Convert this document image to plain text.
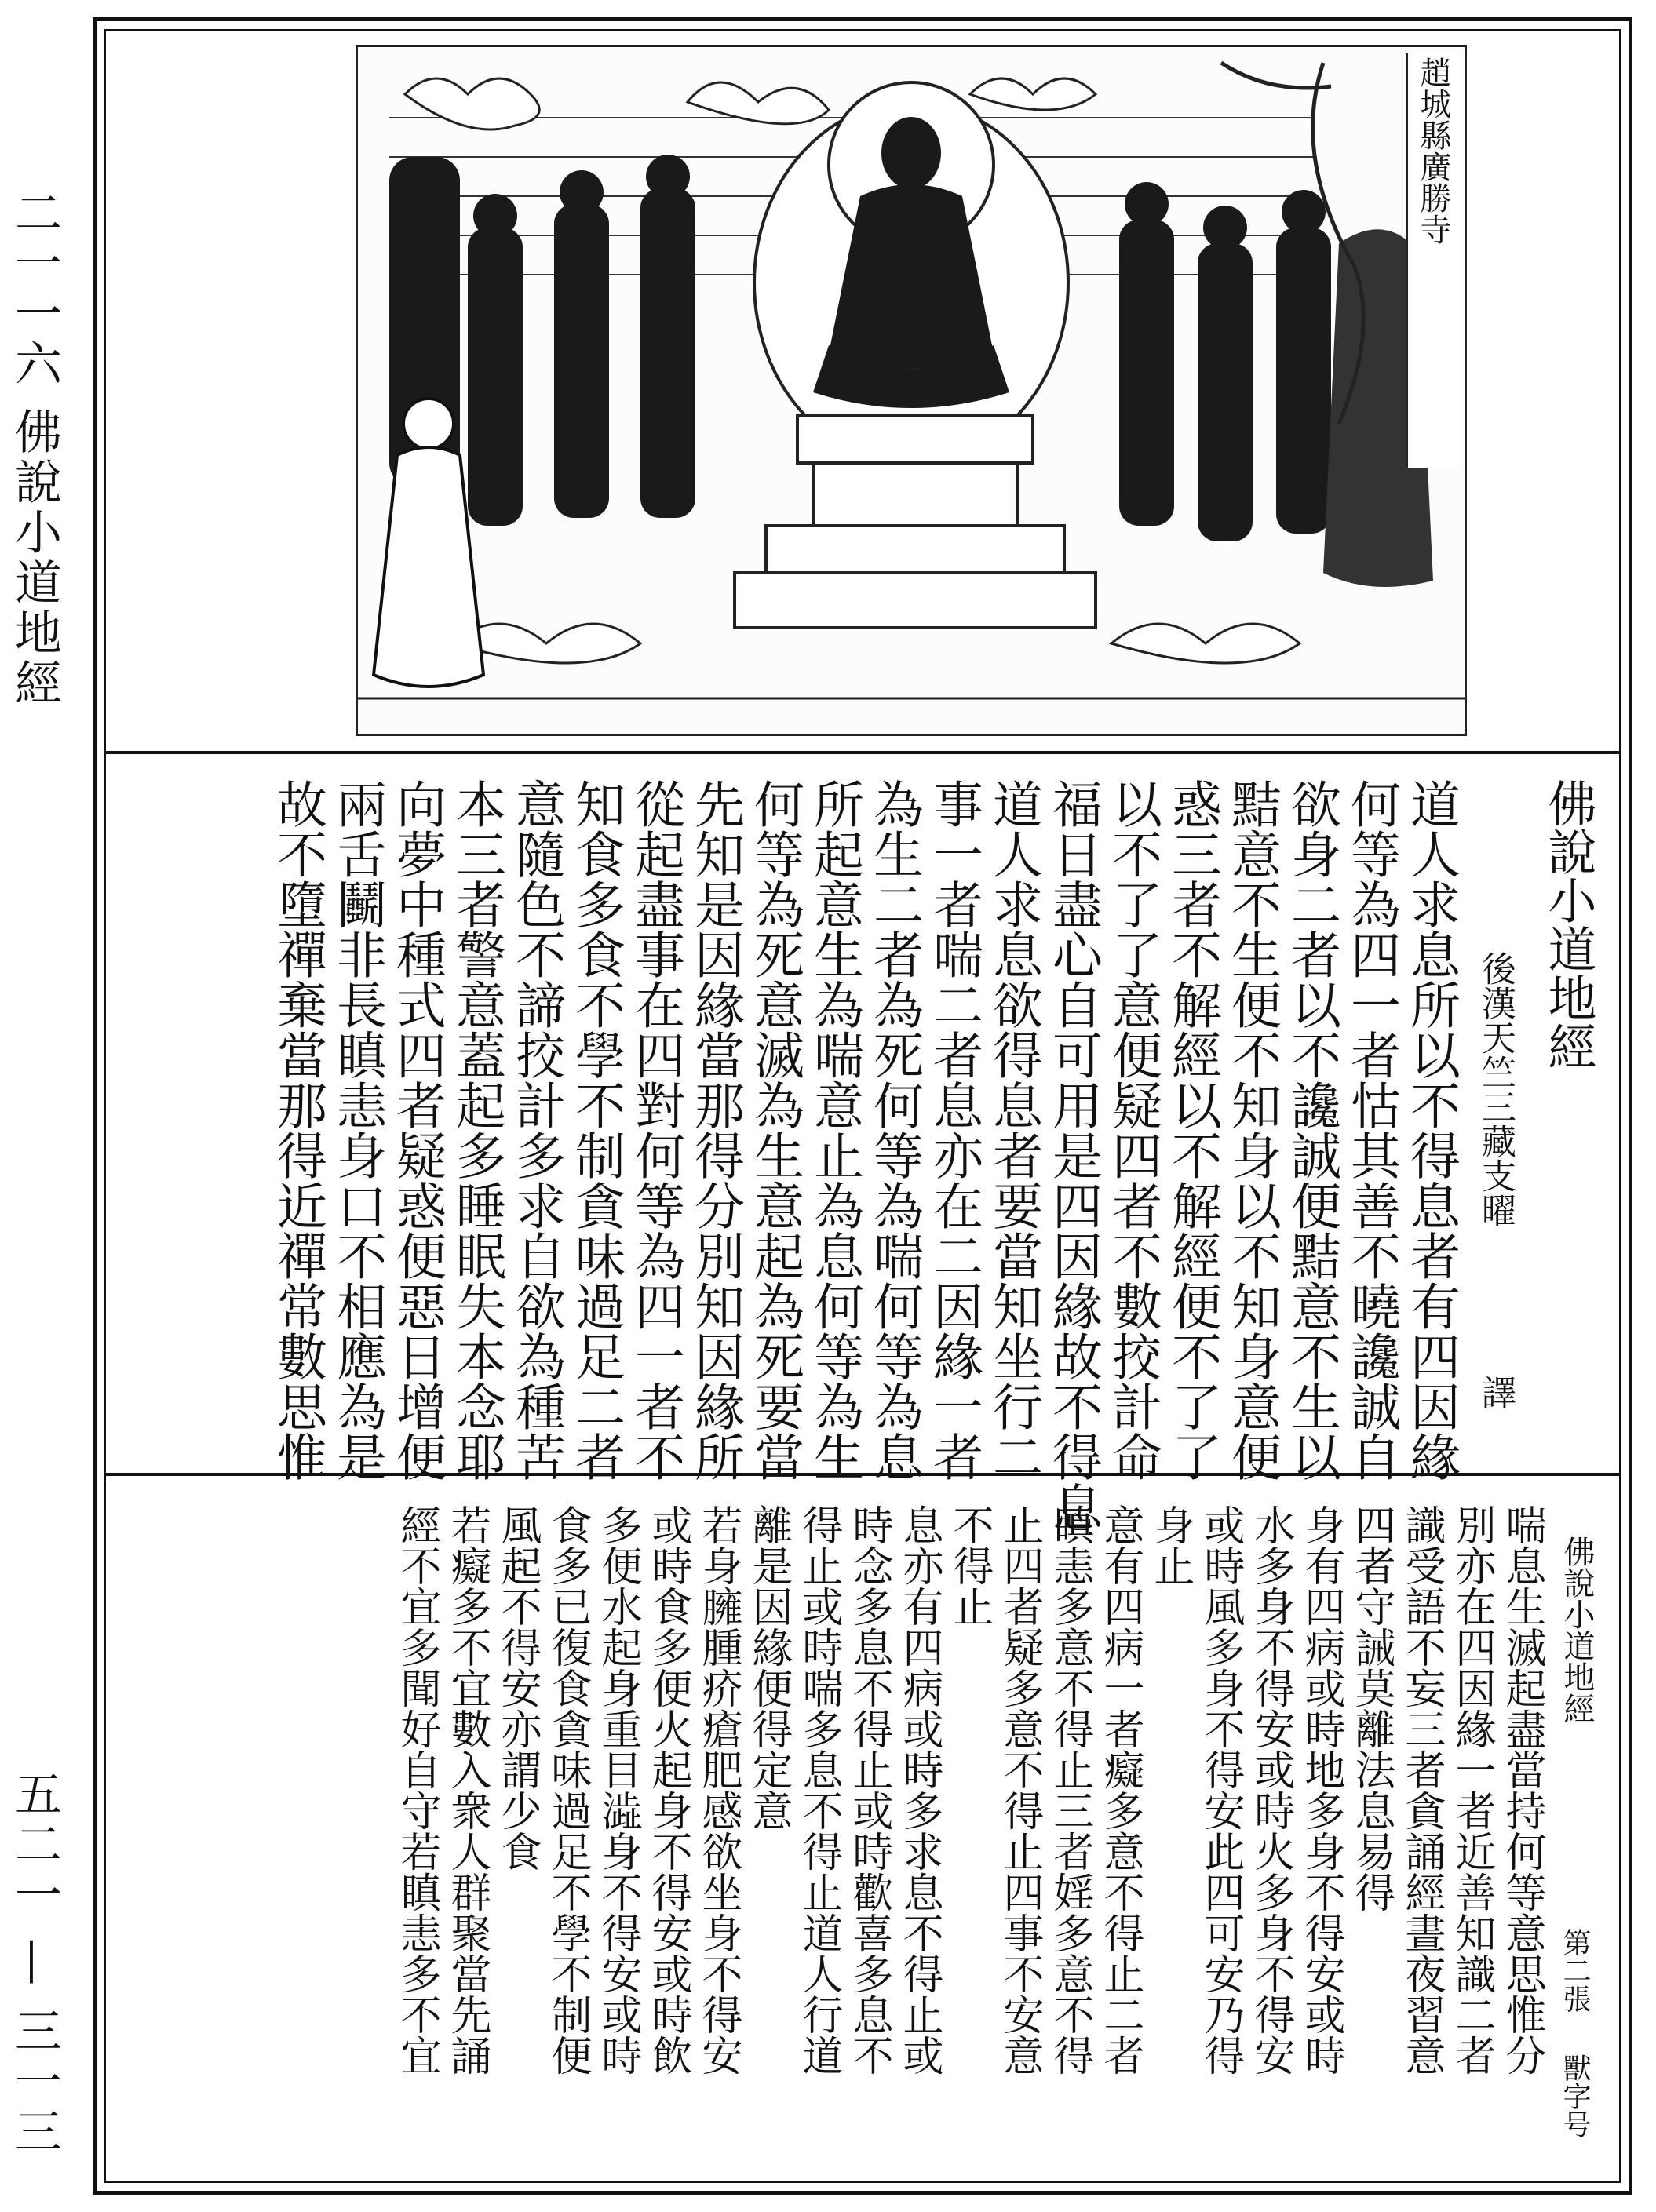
二一一六 佛說小道地經
五二一 — 三一三
趙城縣廣勝寺
佛說小道地經
後漢天竺三藏支曜
譯
道人求息所以不得息者有四因緣
何等為四一者怙其善不曉讒誠自
欲身二者以不讒誠便黠意不生以
黠意不生便不知身以不知身意便
惑三者不解經以不解經便不了了
以不了了意便疑四者不數挍計命
福日盡心自可用是四因緣故不得息
道人求息欲得息者要當知坐行二
事一者喘二者息亦在二因緣一者
為生二者為死何等為喘何等為息
所起意生為喘意止為息何等為生
何等為死意滅為生意起為死要當
先知是因緣當那得分別知因緣所
從起盡事在四對何等為四一者不
知食多食不學不制貪味過足二者
意隨色不諦挍計多求自欲為種苦
本三者警意蓋起多睡眠失本念耶
向夢中種式四者疑惑便惡日增便
兩舌鬭非長瞋恚身口不相應為是
故不墮禪棄當那得近禪常數思惟
佛說小道地經
第二張
獸字号
喘息生滅起盡當持何等意思惟分
別亦在四因緣一者近善知識二者
識受語不妄三者貪誦經晝夜習意
四者守誡莫離法息易得
身有四病或時地多身不得安或時
水多身不得安或時火多身不得安
或時風多身不得安此四可安乃得
身止
意有四病一者癡多意不得止二者
瞋恚多意不得止三者婬多意不得
止四者疑多意不得止四事不安意
不得止
息亦有四病或時多求息不得止或
時念多息不得止或時歡喜多息不
得止或時喘多息不得止道人行道
離是因緣便得定意
若身臃腫疥瘡肥感欲坐身不得安
或時食多便火起身不得安或時飲
多便水起身重目澁身不得安或時
食多已復食貪味過足不學不制便
風起不得安亦謂少食
若癡多不宜數入衆人群聚當先誦
經不宜多聞好自守若瞋恚多不宜
